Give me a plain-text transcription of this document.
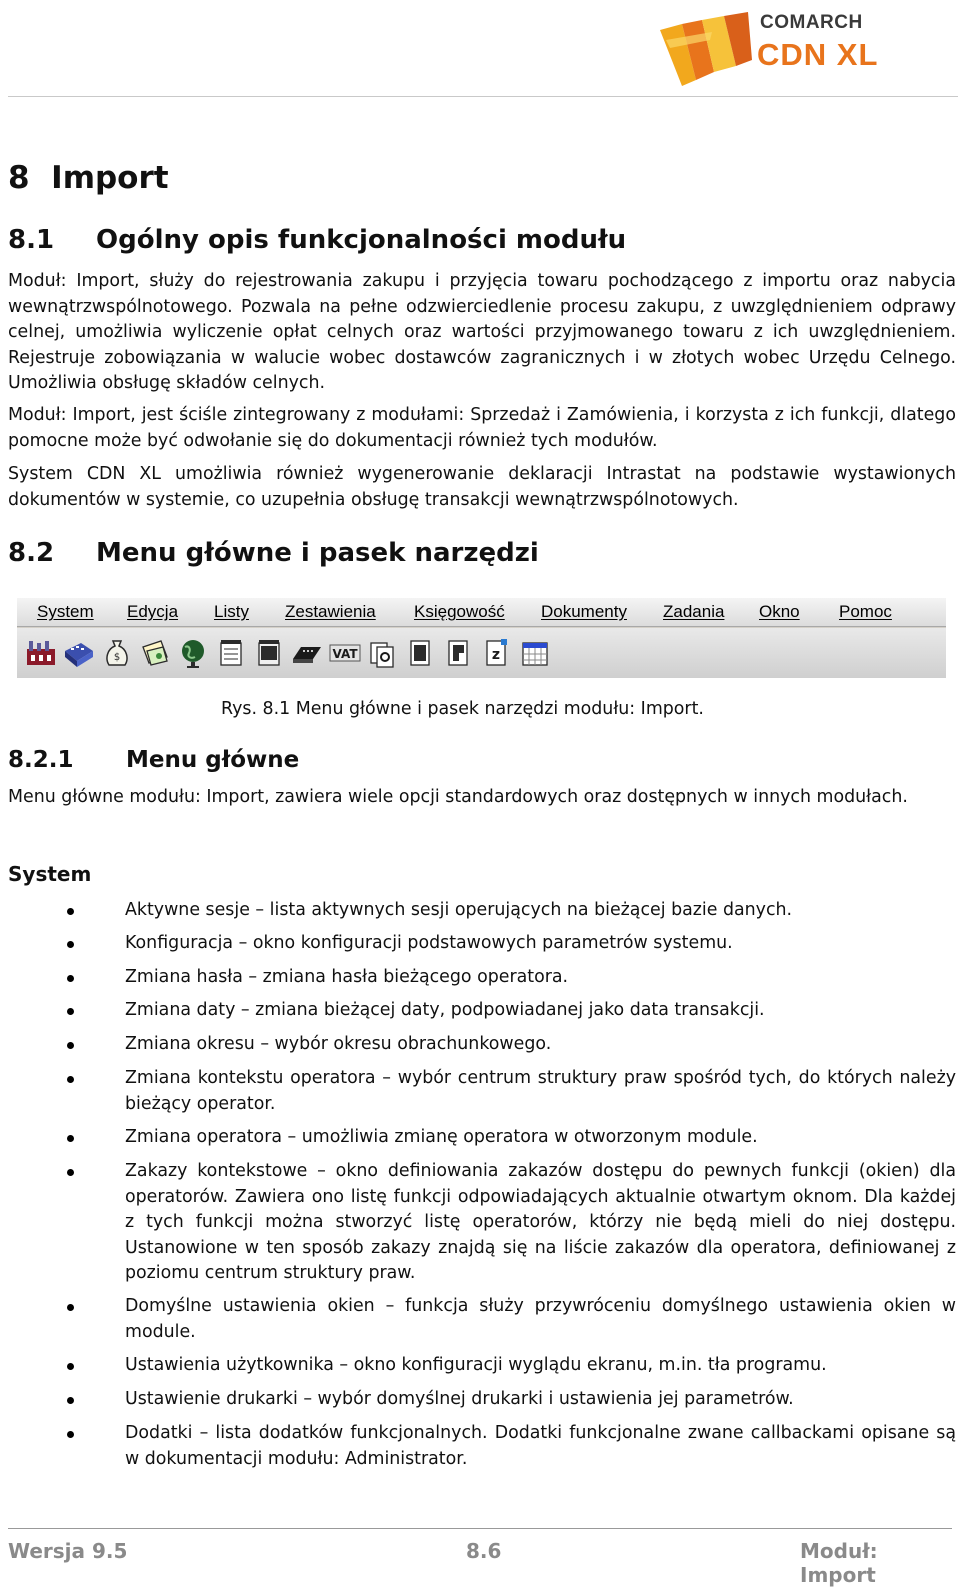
COMARCH
CDN XL
8  Import
8.1 Ogólny opis funkcjonalności modułu

Moduł: Import, służy do rejestrowania zakupu i przyjęcia towaru pochodzącego z importu oraz nabycia wewnątrzwspólnotowego. Pozwala na pełne odzwierciedlenie procesu zakupu, z uwzględnieniem odprawy celnej, umożliwia wyliczenie opłat celnych oraz wartości przyjmowanego towaru z ich uwzględnieniem. Rejestruje zobowiązania w walucie wobec dostawców zagranicznych i w złotych wobec Urzędu Celnego. Umożliwia obsługę składów celnych.

Moduł: Import, jest ściśle zintegrowany z modułami: Sprzedaż i Zamówienia, i korzysta z ich funkcji, dlatego pomocne może być odwołanie się do dokumentacji również tych modułów.

System CDN XL umożliwia również wygenerowanie deklaracji Intrastat na podstawie wystawionych dokumentów w systemie, co uzupełnia obsługę transakcji wewnątrzwspólnotowych.

8.2 Menu główne i pasek narzędzi
System Edycja Listy Zestawienia Księgowość Dokumenty Zadania Okno Pomoc
$	VAT	z
Rys. 8.1 Menu główne i pasek narzędzi modułu: Import.
8.2.1 Menu główne

Menu główne modułu: Import, zawiera wiele opcji standardowych oraz dostępnych w innych modułach.

System
Aktywne sesje – lista aktywnych sesji operujących na bieżącej bazie danych.
Konfiguracja – okno konfiguracji podstawowych parametrów systemu.
Zmiana hasła – zmiana hasła bieżącego operatora.
Zmiana daty – zmiana bieżącej daty, podpowiadanej jako data transakcji.
Zmiana okresu – wybór okresu obrachunkowego.
Zmiana kontekstu operatora – wybór centrum struktury praw spośród tych, do których należy bieżący operator.
Zmiana operatora – umożliwia zmianę operatora w otworzonym module.
Zakazy kontekstowe – okno definiowania zakazów dostępu do pewnych funkcji (okien) dla operatorów. Zawiera ono listę funkcji odpowiadających aktualnie otwartym oknom. Dla każdej z tych funkcji można stworzyć listę operatorów, którzy nie będą mieli do niej dostępu. Ustanowione w ten sposób zakazy znajdą się na liście zakazów dla operatora, definiowanej z poziomu centrum struktury praw.
Domyślne ustawienia okien – funkcja służy przywróceniu domyślnego ustawienia okien w module.
Ustawienia użytkownika – okno konfiguracji wyglądu ekranu, m.in. tła programu.
Ustawienie drukarki – wybór domyślnej drukarki i ustawienia jej parametrów.
Dodatki – lista dodatków funkcjonalnych. Dodatki funkcjonalne zwane callbackami opisane są w dokumentacji modułu: Administrator.
Wersja 9.5	8.6	Moduł: Import
